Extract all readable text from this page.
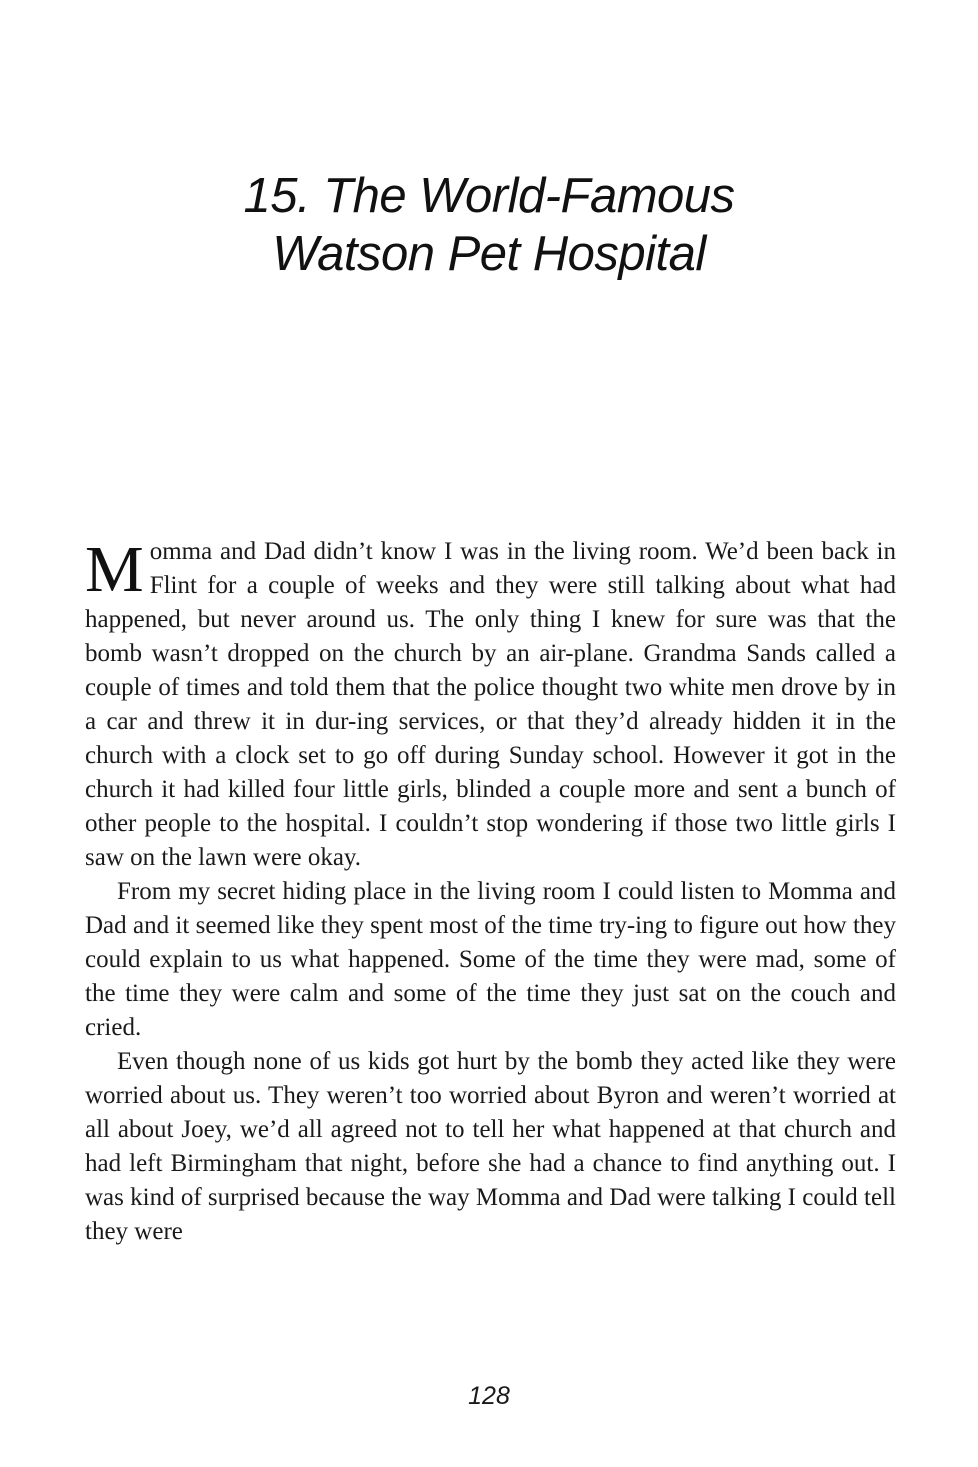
15. The World-Famous
Watson Pet Hospital

Momma and Dad didn’t know I was in the living room. We’d been back in Flint for a couple of weeks and they were still talking about what had happened, but never around us. The only thing I knew for sure was that the bomb wasn’t dropped on the church by an air-plane. Grandma Sands called a couple of times and told them that the police thought two white men drove by in a car and threw it in dur-ing services, or that they’d already hidden it in the church with a clock set to go off during Sunday school. However it got in the church it had killed four little girls, blinded a couple more and sent a bunch of other people to the hospital. I couldn’t stop wondering if those two little girls I saw on the lawn were okay.

From my secret hiding place in the living room I could listen to Momma and Dad and it seemed like they spent most of the time try-ing to figure out how they could explain to us what happened. Some of the time they were mad, some of the time they were calm and some of the time they just sat on the couch and cried.

Even though none of us kids got hurt by the bomb they acted like they were worried about us. They weren’t too worried about Byron and weren’t worried at all about Joey, we’d all agreed not to tell her what happened at that church and had left Birmingham that night, before she had a chance to find anything out. I was kind of surprised because the way Momma and Dad were talking I could tell they were

128
